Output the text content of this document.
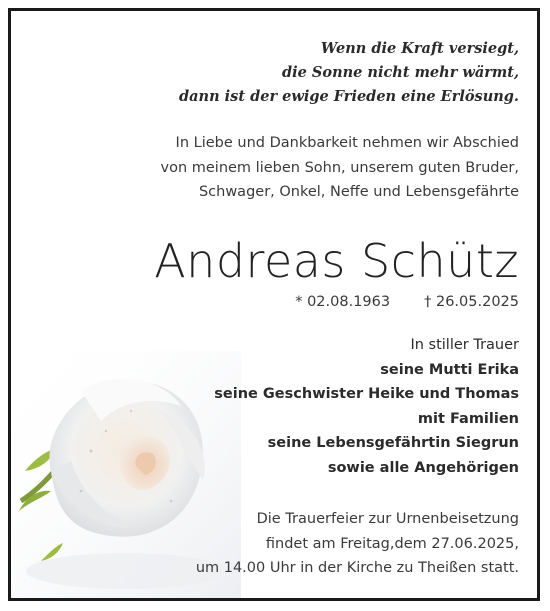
Wenn die Kraft versiegt,
die Sonne nicht mehr wärmt,
dann ist der ewige Frieden eine Erlösung.
In Liebe und Dankbarkeit nehmen wir Abschied
von meinem lieben Sohn, unserem guten Bruder,
Schwager, Onkel, Neffe und Lebensgefährte
Andreas Schütz
* 02.08.1963 † 26.05.2025
In stiller Trauer
seine Mutti Erika
seine Geschwister Heike und Thomas
mit Familien
seine Lebensgefährtin Siegrun
sowie alle Angehörigen
Die Trauerfeier zur Urnenbeisetzung
findet am Freitag,dem 27.06.2025,
um 14.00 Uhr in der Kirche zu Theißen statt.
